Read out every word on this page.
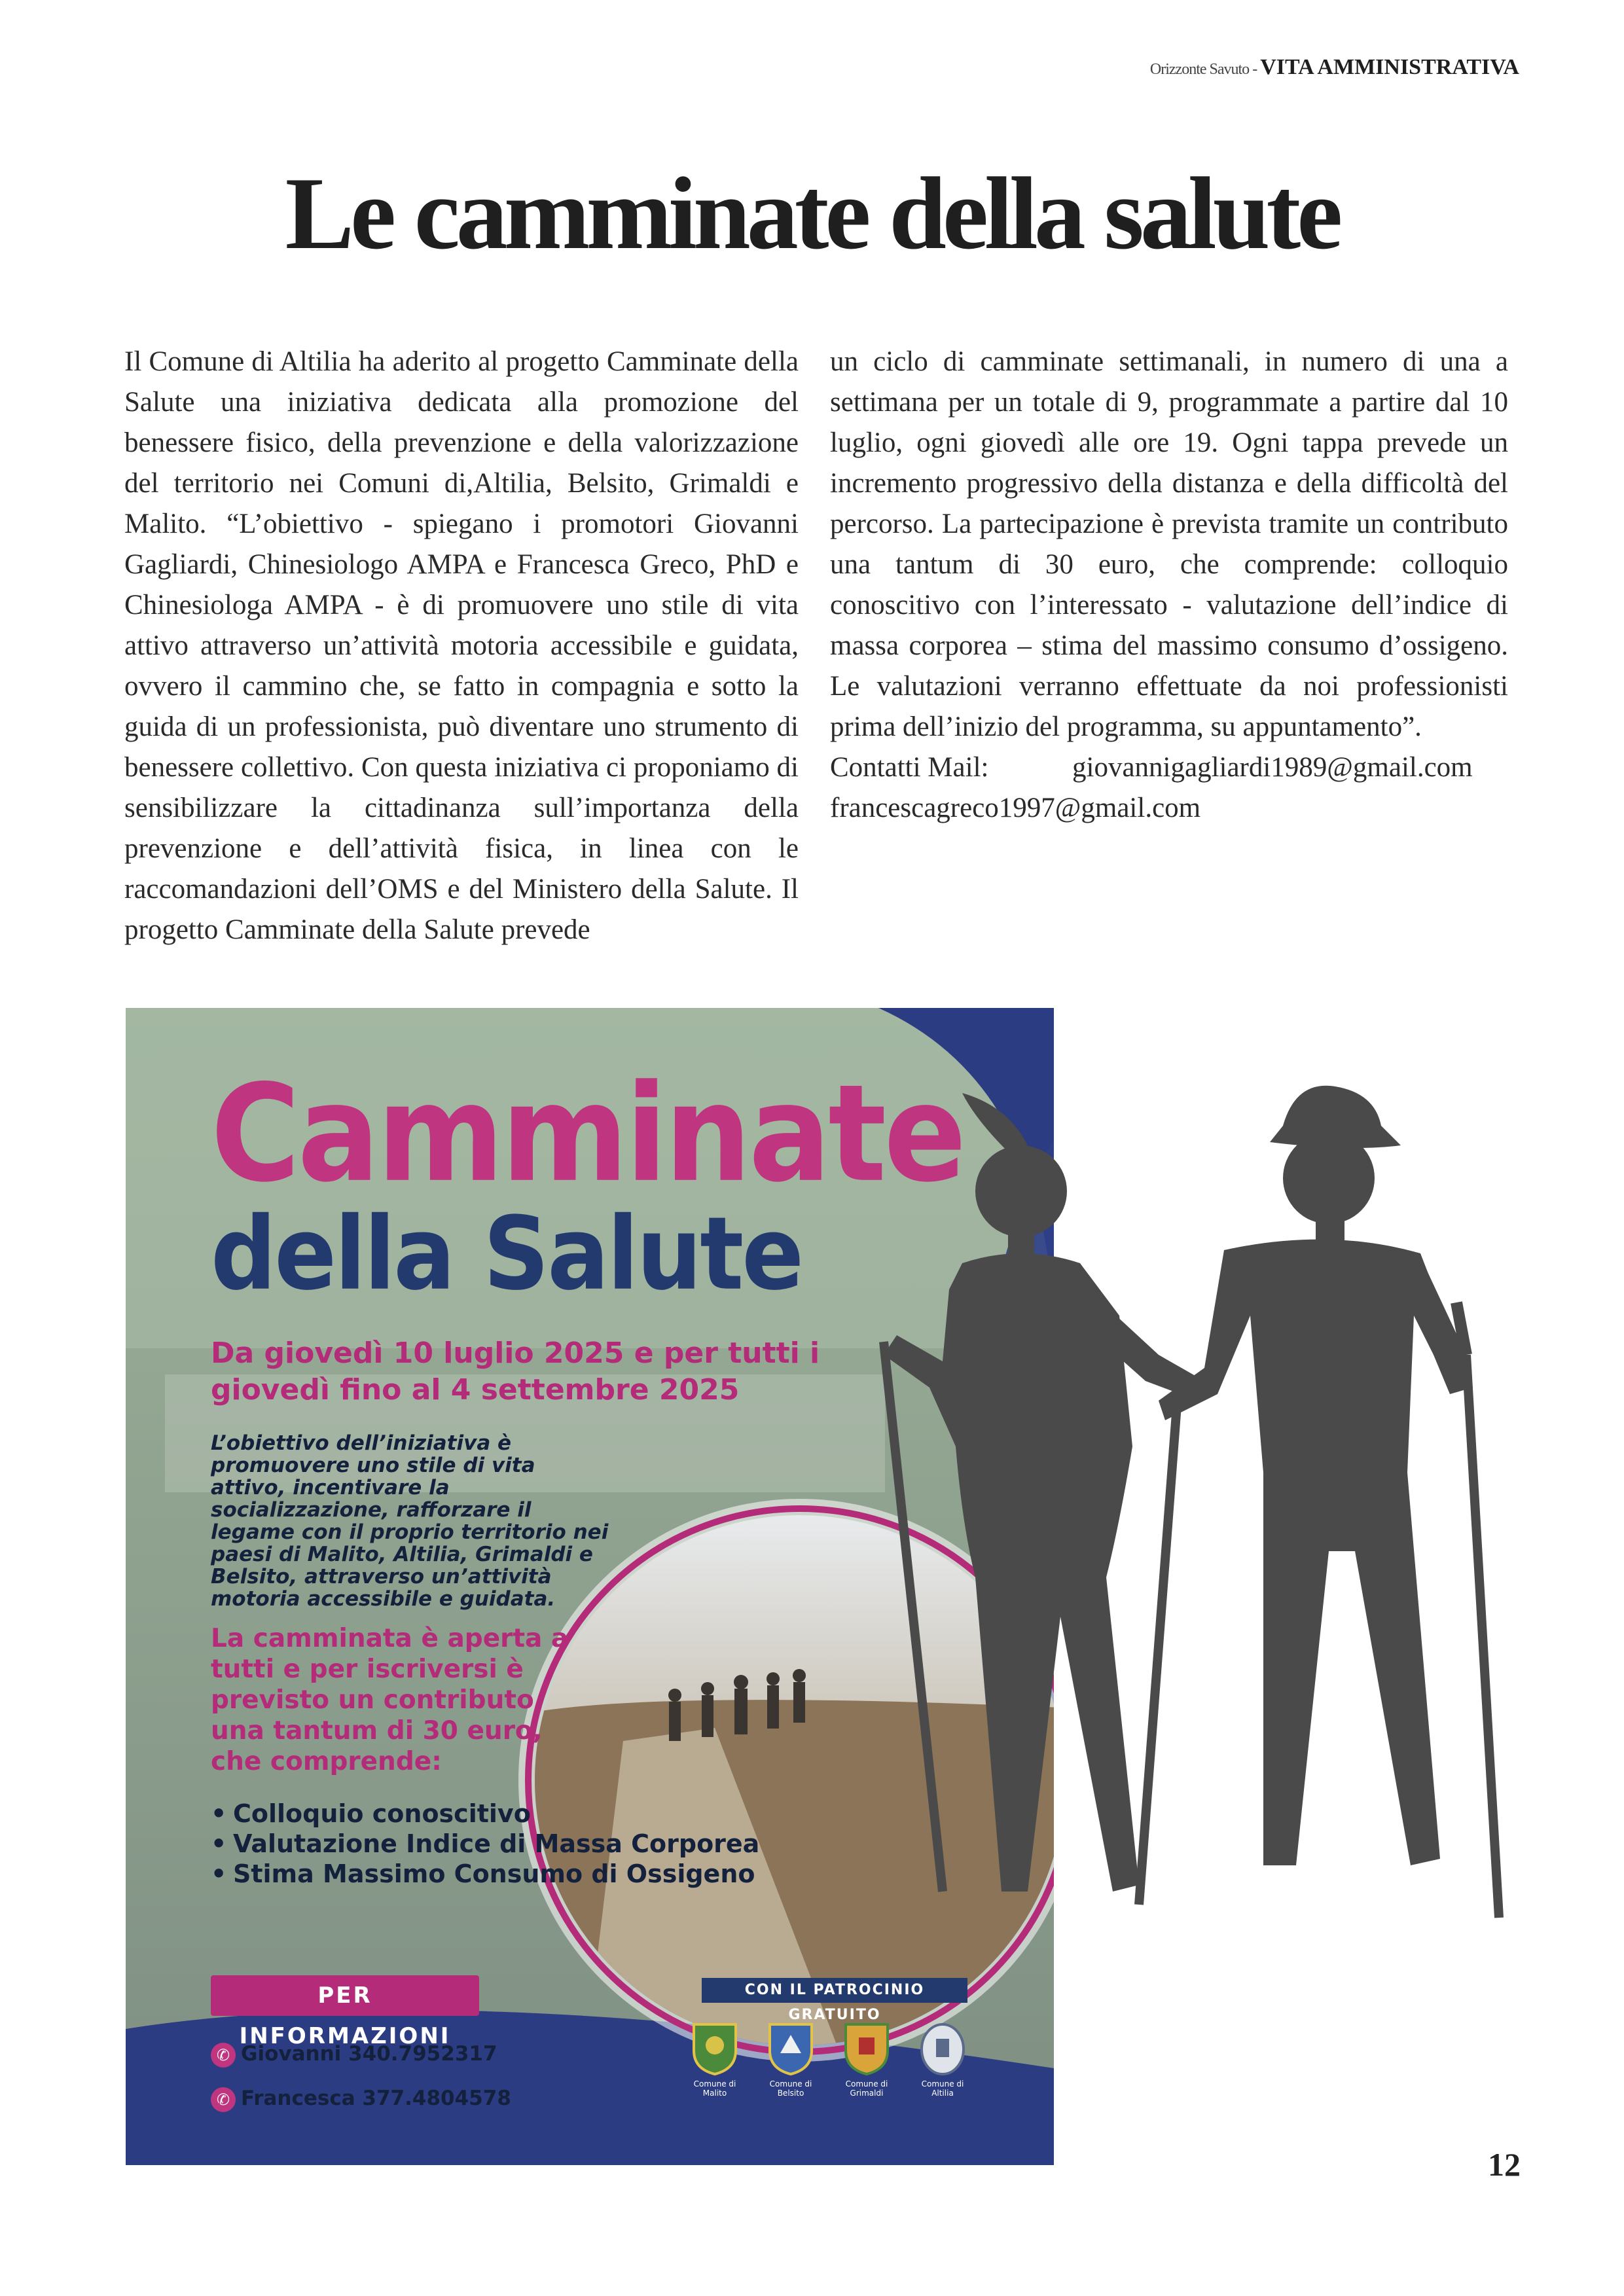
Orizzonte Savuto - VITA AMMINISTRATIVA
Le camminate della salute

Il Comune di Altilia ha aderito al progetto Camminate della Salute una iniziativa dedicata alla promozione del benessere fisico, della prevenzione e della valorizzazione del territorio nei Comuni di,Altilia, Belsito, Grimaldi e Malito. “L’obiettivo - spiegano i promotori Giovanni Gagliardi, Chinesiologo AMPA e Francesca Greco, PhD e Chinesiologa AMPA - è di promuovere uno stile di vita attivo attraverso un’attività motoria accessibile e guidata, ovvero il cammino che, se fatto in compagnia e sotto la guida di un professionista, può diventare uno strumento di benessere collettivo. Con questa iniziativa ci proponiamo di sensibilizzare la cittadinanza sull’importanza della prevenzione e dell’attività fisica, in linea con le raccomandazioni dell’OMS e del Ministero della Salute. Il progetto Camminate della Salute prevede

un ciclo di camminate settimanali, in numero di una a settimana per un totale di 9, programmate a partire dal 10 luglio, ogni giovedì alle ore 19. Ogni tappa prevede un incremento progressivo della distanza e della difficoltà del percorso. La partecipazione è prevista tramite un contributo una tantum di 30 euro, che comprende: colloquio conoscitivo con l’interessato - valutazione dell’indice di massa corporea – stima del massimo consumo d’ossigeno. Le valutazioni verranno effettuate da noi professionisti prima dell’inizio del programma, su appuntamento”.

Contatti Mail:	giovannigagliardi1989@gmail.com

francescagreco1997@gmail.com

Camminate
della Salute
Da giovedì 10 luglio 2025 e per tutti i giovedì fino al 4 settembre 2025
L’obiettivo dell’iniziativa è promuovere uno stile di vita attivo, incentivare la socializzazione, rafforzare il legame con il proprio territorio nei paesi di Malito, Altilia, Grimaldi e Belsito, attraverso un’attività motoria accessibile e guidata.
La camminata è aperta a tutti e per iscriversi è previsto un contributo una tantum di 30 euro, che comprende:
• Colloquio conoscitivo
• Valutazione Indice di Massa Corporea
• Stima Massimo Consumo di Ossigeno
PER INFORMAZIONI
✆ Giovanni 340.7952317
✆ Francesca 377.4804578
CON IL PATROCINIO GRATUITO
Comune di Malito
Comune di Belsito
Comune di Grimaldi
Comune di Altilia
12
